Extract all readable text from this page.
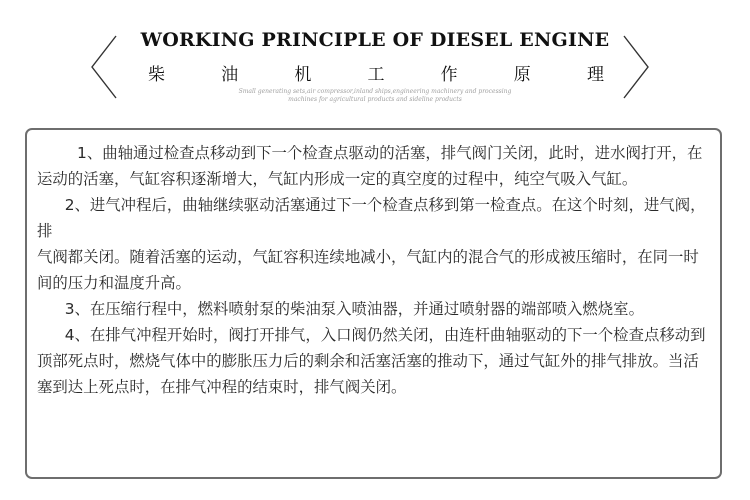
WORKING PRINCIPLE OF DIESEL ENGINE
柴	油	机	工	作	原	理
Small generating sets,air compressor,inland ships,engineering machinery and processing
machines for agricultural products and sideline products

1、曲轴通过检查点移动到下一个检查点驱动的活塞，排气阀门关闭，此时，进水阀打开，在运动的活塞，气缸容积逐渐增大，气缸内形成一定的真空度的过程中，纯空气吸入气缸。

2、进气冲程后，曲轴继续驱动活塞通过下一个检查点移到第一检查点。在这个时刻，进气阀，排

气阀都关闭。随着活塞的运动，气缸容积连续地减小，气缸内的混合气的形成被压缩时，在同一时间的压力和温度升高。

3、在压缩行程中，燃料喷射泵的柴油泵入喷油器，并通过喷射器的端部喷入燃烧室。

4、在排气冲程开始时，阀打开排气，入口阀仍然关闭，由连杆曲轴驱动的下一个检查点移动到顶部死点时，燃烧气体中的膨胀压力后的剩余和活塞活塞的推动下，通过气缸外的排气排放。当活塞到达上死点时，在排气冲程的结束时，排气阀关闭。
